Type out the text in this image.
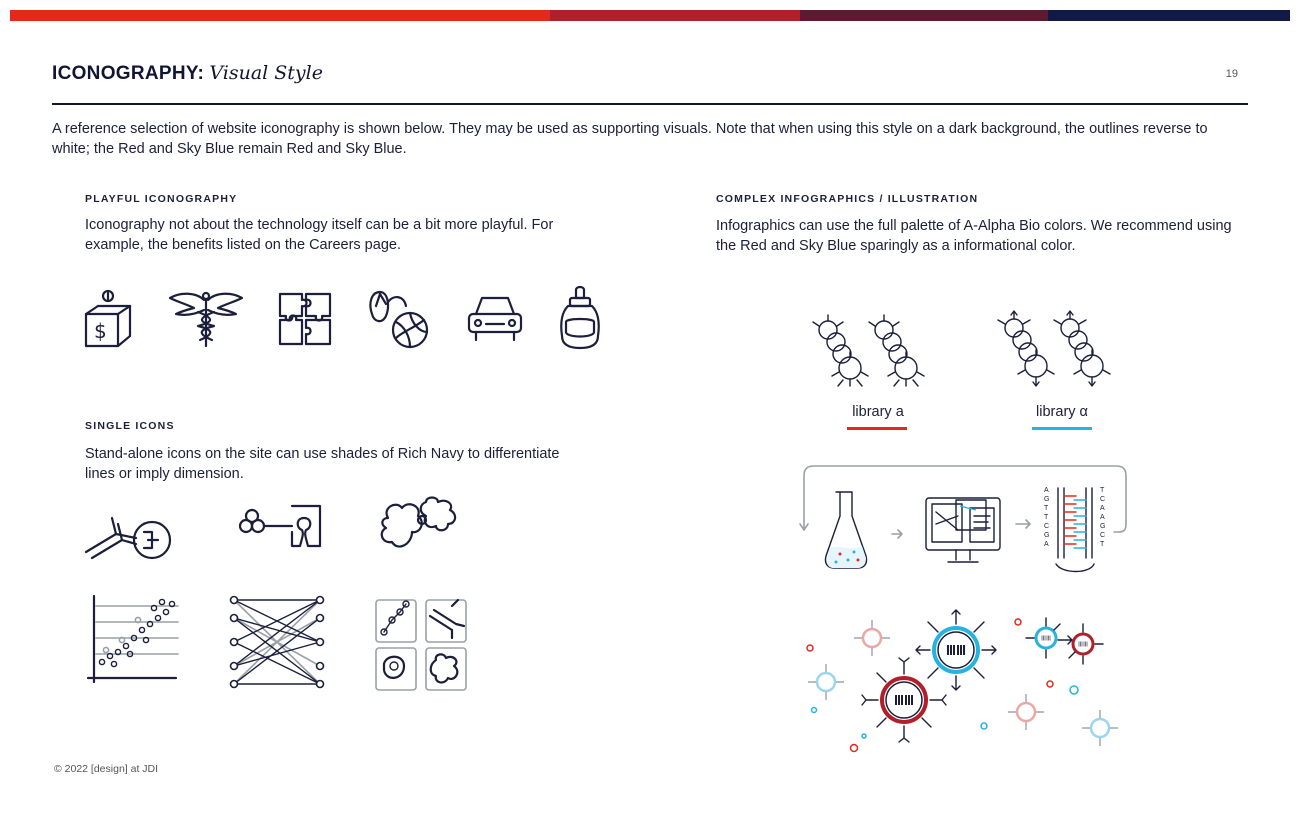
ICONOGRAPHY: Visual Style	19
A reference selection of website iconography is shown below. They may be used as supporting visuals. Note that when using this style on a dark background, the outlines reverse to white; the Red and Sky Blue remain Red and Sky Blue.
PLAYFUL ICONOGRAPHY
Iconography not about the technology itself can be a bit more playful. For example, the benefits listed on the Careers page.
$
SINGLE ICONS
Stand-alone icons on the site can use shades of Rich Navy to differentiate lines or imply dimension.
COMPLEX INFOGRAPHICS / ILLUSTRATION
Infographics can use the full palette of A-Alpha Bio colors. We recommend using the Red and Sky Blue sparingly as a informational color.
library a	library α
A
G
T
T
C
G
A
T
C
A
A
G
C
T
© 2022 [design] at JDI
